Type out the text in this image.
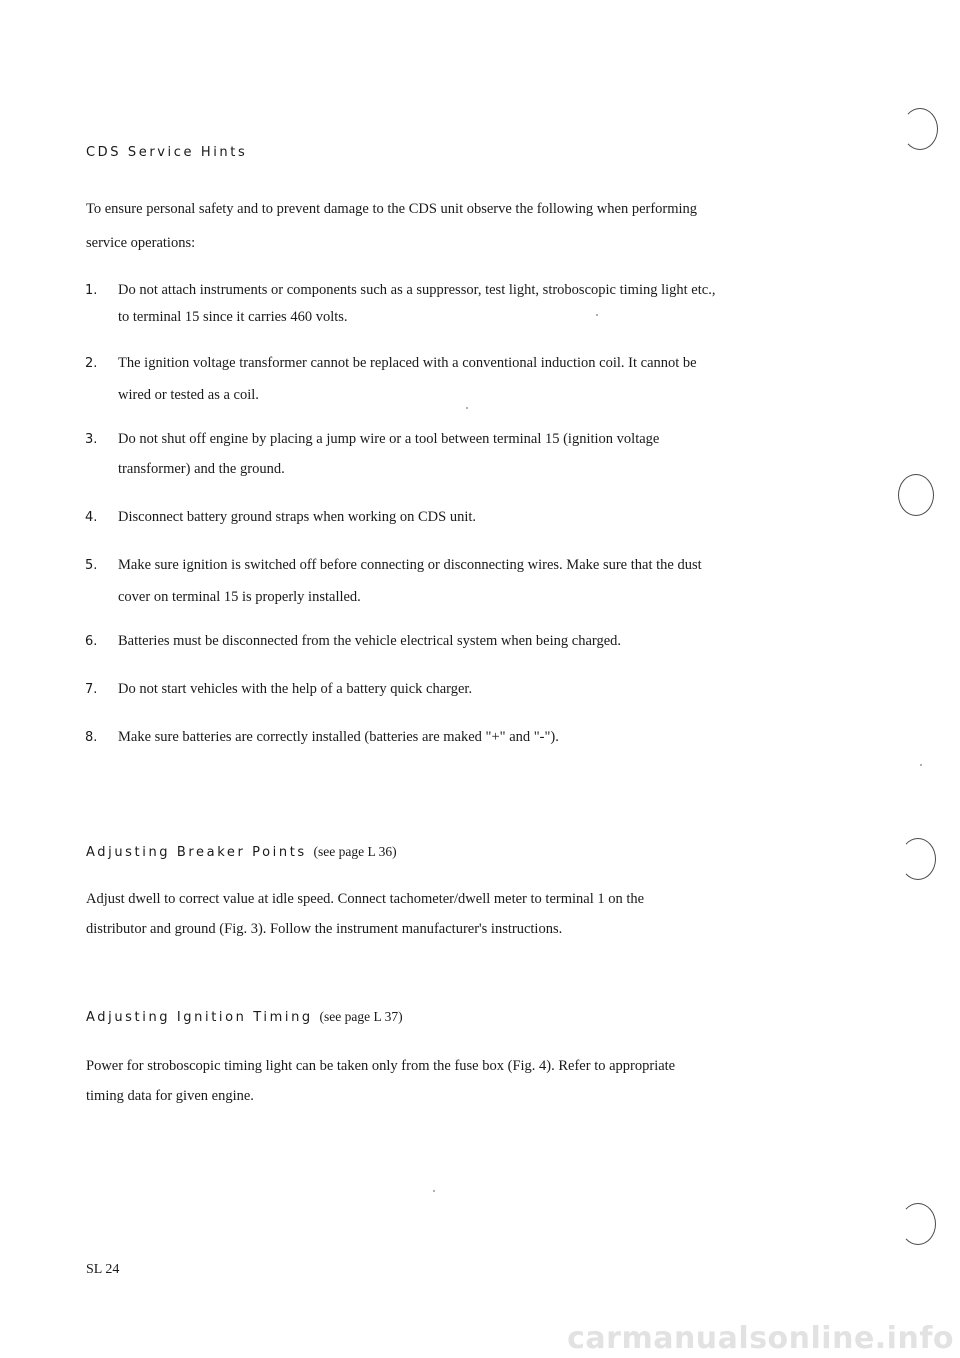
CDS Service Hints
To ensure personal safety and to prevent damage to the CDS unit observe the following when performing
service operations:
1. Do not attach instruments or components such as a suppressor, test light, stroboscopic timing light etc.,
to terminal 15 since it carries 460 volts.
2. The ignition voltage transformer cannot be replaced with a conventional induction coil. It cannot be
wired or tested as a coil.
3. Do not shut off engine by placing a jump wire or a tool between terminal 15 (ignition voltage
transformer) and the ground.
4. Disconnect battery ground straps when working on CDS unit.
5. Make sure ignition is switched off before connecting or disconnecting wires. Make sure that the dust
cover on terminal 15 is properly installed.
6. Batteries must be disconnected from the vehicle electrical system when being charged.
7. Do not start vehicles with the help of a battery quick charger.
8. Make sure batteries are correctly installed (batteries are maked "+" and "-").
Adjusting Breaker Points (see page L 36)
Adjust dwell to correct value at idle speed. Connect tachometer/dwell meter to terminal 1 on the
distributor and ground (Fig. 3). Follow the instrument manufacturer's instructions.
Adjusting Ignition Timing (see page L 37)
Power for stroboscopic timing light can be taken only from the fuse box (Fig. 4). Refer to appropriate
timing data for given engine.
SL 24
carmanualsonline.info
